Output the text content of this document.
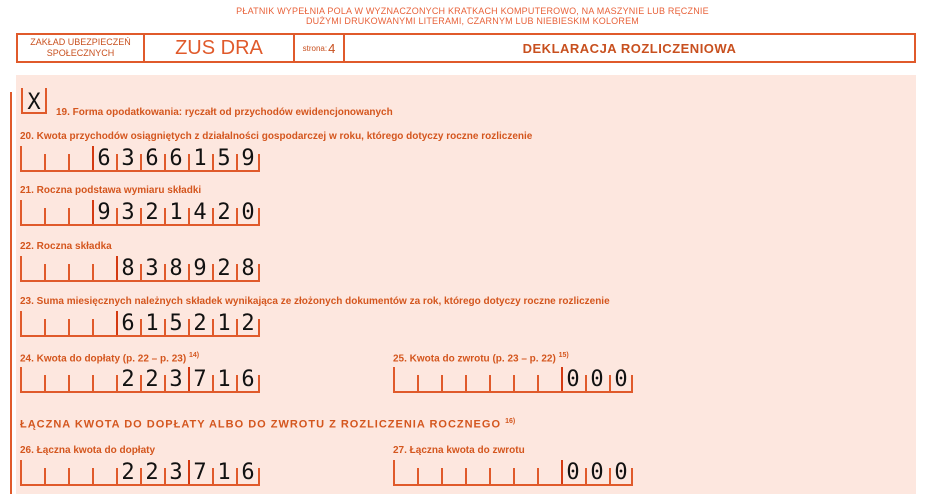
PŁATNIK WYPEŁNIA POLA W WYZNACZONYCH KRATKACH KOMPUTEROWO, NA MASZYNIE LUB RĘCZNIE
DUŻYMI DRUKOWANYMI LITERAMI, CZARNYM LUB NIEBIESKIM KOLOREM
ZAKŁAD UBEZPIECZEŃ
SPOŁECZNYCH	ZUS DRA	strona: 4	DEKLARACJA ROZLICZENIOWA
X	19. Forma opodatkowania: ryczałt od przychodów ewidencjonowanych
20. Kwota przychodów osiągniętych z działalności gospodarczej w roku, którego dotyczy roczne rozliczenie
6 3 6 6 1 5 9
21. Roczna podstawa wymiaru składki
9 3 2 1 4 2 0
22. Roczna składka
8 3 8 9 2 8
23. Suma miesięcznych należnych składek wynikająca ze złożonych dokumentów za rok, którego dotyczy roczne rozliczenie
6 1 5 2 1 2
24. Kwota do dopłaty (p. 22 – p. 23) $^{14)}$
2 2 3 7 1 6
25. Kwota do zwrotu (p. 23 – p. 22) $^{15)}$
0 0 0
ŁĄCZNA KWOTA DO DOPŁATY ALBO DO ZWROTU Z ROZLICZENIA ROCZNEGO $^{16)}$
26. Łączna kwota do dopłaty
2 2 3 7 1 6
27. Łączna kwota do zwrotu
0 0 0
